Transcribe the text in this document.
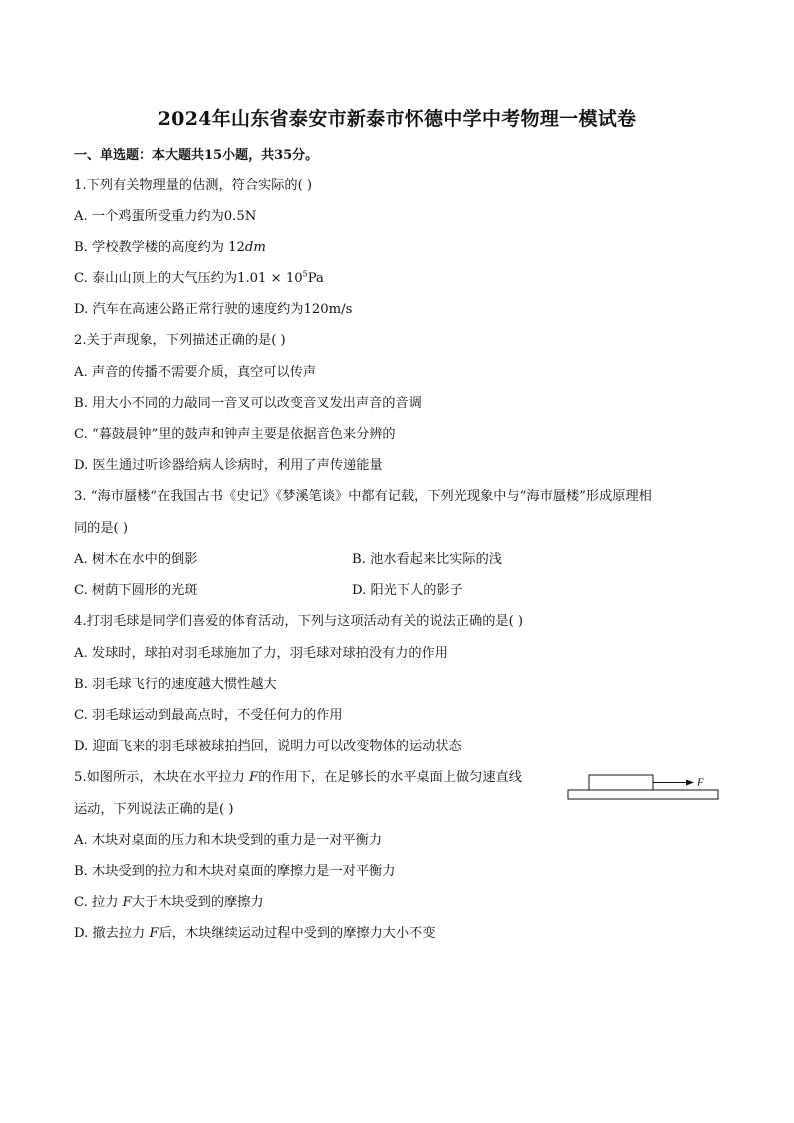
2024年山东省泰安市新泰市怀德中学中考物理一模试卷
一、单选题：本大题共15小题，共35分。
1.下列有关物理量的估测，符合实际的( )
A. 一个鸡蛋所受重力约为0.5N
B. 学校教学楼的高度约为 12dm
C. 泰山山顶上的大气压约为$1.01 \times 10^5Pa$
D. 汽车在高速公路正常行驶的速度约为120m/s
2.关于声现象，下列描述正确的是( )
A. 声音的传播不需要介质，真空可以传声
B. 用大小不同的力敲同一音叉可以改变音叉发出声音的音调
C. “暮鼓晨钟”里的鼓声和钟声主要是依据音色来分辨的
D. 医生通过听诊器给病人诊病时，利用了声传递能量
3. “海市蜃楼“在我国古书《史记》《梦溪笔谈》中都有记载，下列光现象中与“海市蜃楼”形成原理相
同的是( )
A. 树木在水中的倒影	B. 池水看起来比实际的浅
C. 树荫下圆形的光斑	D. 阳光下人的影子
4.打羽毛球是同学们喜爱的体育活动，下列与这项活动有关的说法正确的是( )
A. 发球时，球拍对羽毛球施加了力，羽毛球对球拍没有力的作用
B. 羽毛球飞行的速度越大惯性越大
C. 羽毛球运动到最高点时，不受任何力的作用
D. 迎面飞来的羽毛球被球拍挡回，说明力可以改变物体的运动状态
5.如图所示，木块在水平拉力 F的作用下，在足够长的水平桌面上做匀速直线
运动，下列说法正确的是( )
A. 木块对桌面的压力和木块受到的重力是一对平衡力
B. 木块受到的拉力和木块对桌面的摩擦力是一对平衡力
C. 拉力 F大于木块受到的摩擦力
D. 撤去拉力 F后，木块继续运动过程中受到的摩擦力大小不变
F
